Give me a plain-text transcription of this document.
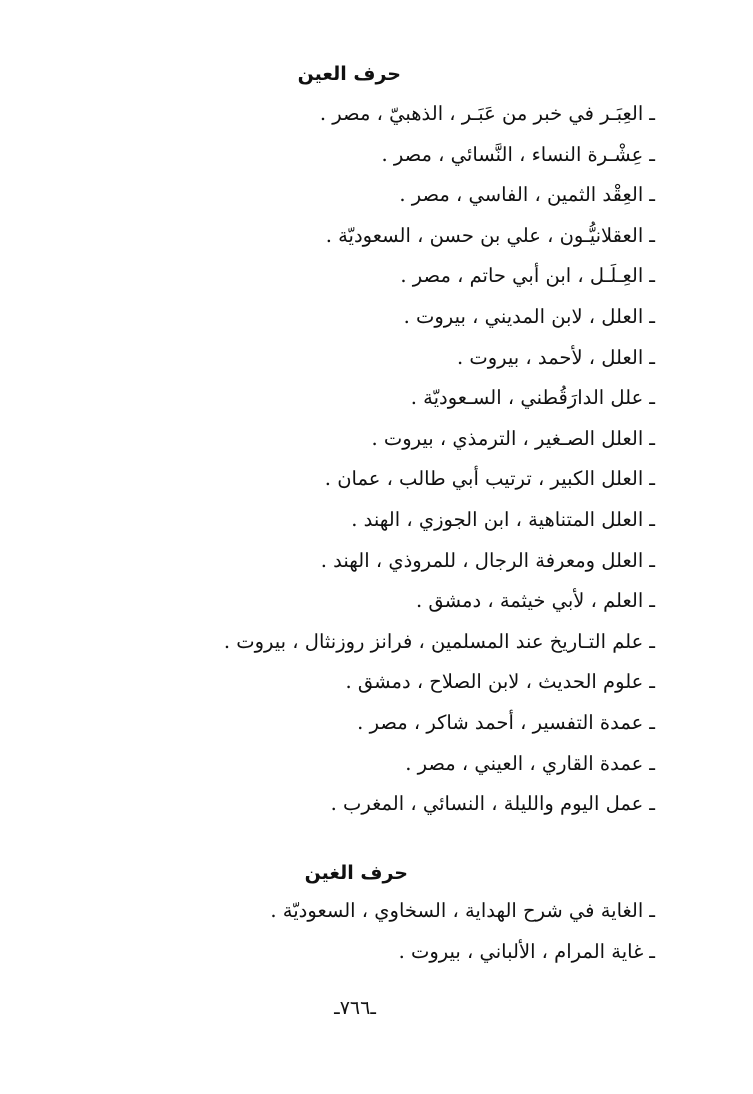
حرف العين
ـالعِبَـر في خبر من عَبَـر ، الذهبيّ ، مصر .
ـعِشْـرة النساء ، النَّسائي ، مصر .
ـالعِقْد الثمين ، الفاسي ، مصر .
ـالعقلانيُّـون ، علي بن حسن ، السعوديّة .
ـالعِـلَـل ، ابن أبي حاتم ، مصر .
ـالعلل ، لابن المديني ، بيروت .
ـالعلل ، لأحمد ، بيروت .
ـعلل الدارَقُطني ، السـعوديّة .
ـالعلل الصـغير ، الترمذي ، بيروت .
ـالعلل الكبير ، ترتيب أبي طالب ، عمان .
ـالعلل المتناهية ، ابن الجوزي ، الهند .
ـالعلل ومعرفة الرجال ، للمروذي ، الهند .
ـالعلم ، لأبي خيثمة ، دمشق .
ـعلم التـاريخ عند المسلمين ، فرانز روزنثال ، بيروت .
ـعلوم الحديث ، لابن الصلاح ، دمشق .
ـعمدة التفسير ، أحمد شاكر ، مصر .
ـعمدة القاري ، العيني ، مصر .
ـعمل اليوم والليلة ، النسائي ، المغرب .
حرف الغين
ـالغاية في شرح الهداية ، السخاوي ، السعوديّة .
ـغاية المرام ، الألباني ، بيروت .
ـ٧٦٦ـ
